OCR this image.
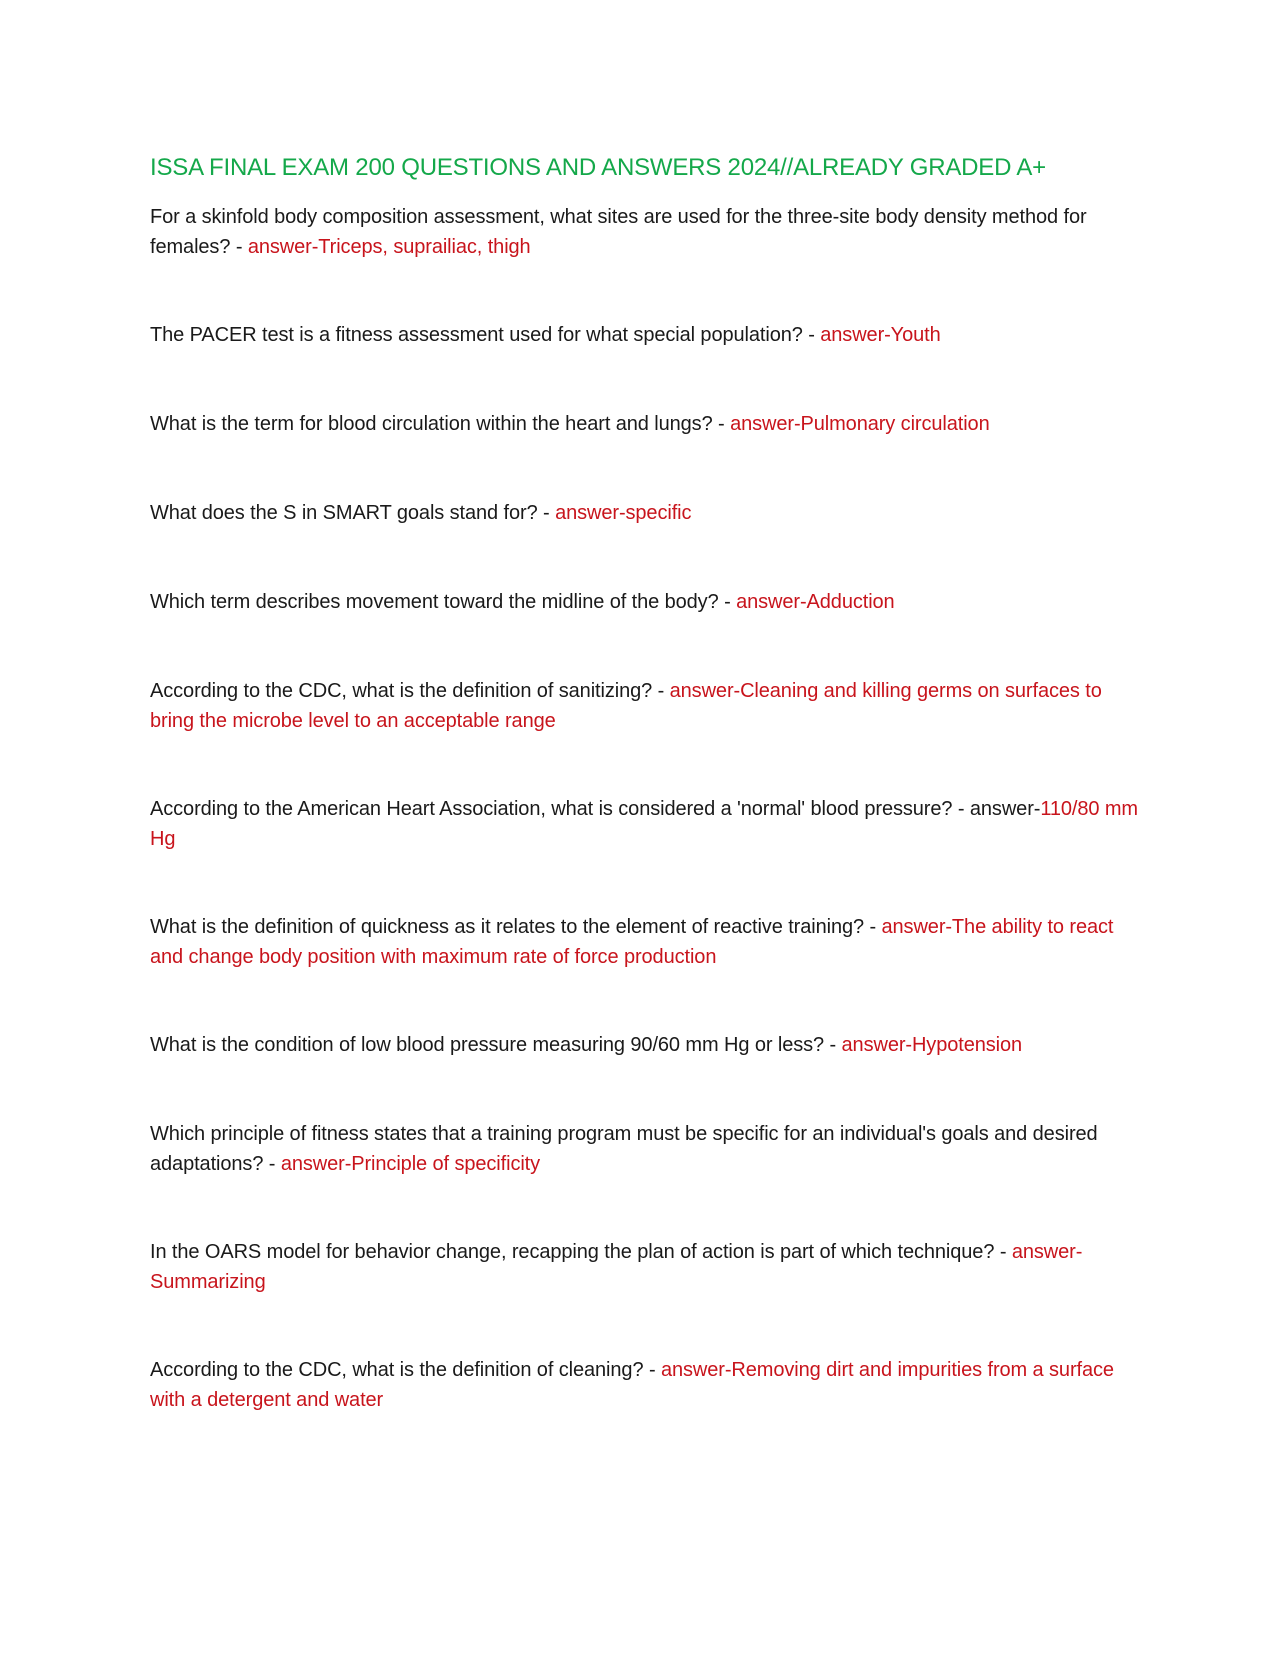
ISSA FINAL EXAM 200 QUESTIONS AND ANSWERS 2024//ALREADY GRADED A+

For a skinfold body composition assessment, what sites are used for the three-site body density method for females? - answer-Triceps, suprailiac, thigh

The PACER test is a fitness assessment used for what special population? - answer-Youth

What is the term for blood circulation within the heart and lungs? - answer-Pulmonary circulation

What does the S in SMART goals stand for? - answer-specific

Which term describes movement toward the midline of the body? - answer-Adduction

According to the CDC, what is the definition of sanitizing? - answer-Cleaning and killing germs on surfaces to bring the microbe level to an acceptable range

According to the American Heart Association, what is considered a 'normal' blood pressure? - answer-110/80 mm Hg

What is the definition of quickness as it relates to the element of reactive training? - answer-The ability to react and change body position with maximum rate of force production

What is the condition of low blood pressure measuring 90/60 mm Hg or less? - answer-Hypotension

Which principle of fitness states that a training program must be specific for an individual's goals and desired adaptations? - answer-Principle of specificity

In the OARS model for behavior change, recapping the plan of action is part of which technique? - answer-Summarizing

According to the CDC, what is the definition of cleaning? - answer-Removing dirt and impurities from a surface with a detergent and water
